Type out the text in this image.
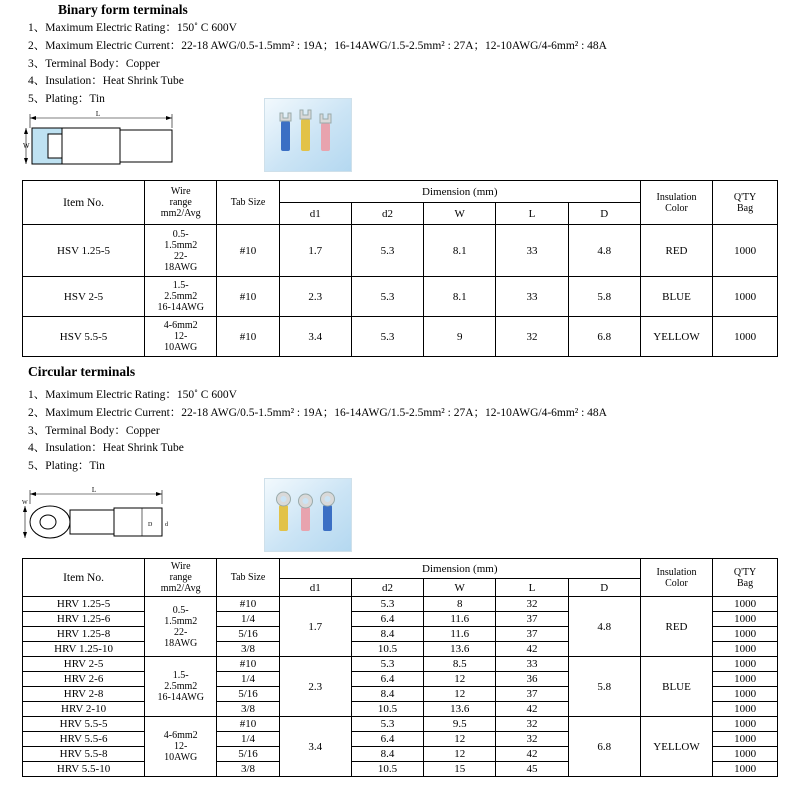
Binary form terminals
1、Maximum Electric Rating：150˚ C 600V
2、Maximum Electric Current：22-18 AWG/0.5-1.5mm² : 19A；16-14AWG/1.5-2.5mm² : 27A；12-10AWG/4-6mm² : 48A
3、Terminal Body：Copper
4、Insulation：Heat Shrink Tube
5、Plating：Tin
L
W
Item No.	Wire
range
mm2/Avg	Tab Size	Dimension (mm)					Insulation
Color	Q'TY
Bag
			d1	d2	W	L	D		
HSV 1.25-5	0.5-
1.5mm2
22-
18AWG	#10	1.7	5.3	8.1	33	4.8	RED	1000
HSV 2-5	1.5-
2.5mm2
16-14AWG	#10	2.3	5.3	8.1	33	5.8	BLUE	1000
HSV 5.5-5	4-6mm2
12-
10AWG	#10	3.4	5.3	9	32	6.8	YELLOW	1000
Circular terminals
1、Maximum Electric Rating：150˚ C 600V
2、Maximum Electric Current：22-18 AWG/0.5-1.5mm² : 19A；16-14AWG/1.5-2.5mm² : 27A；12-10AWG/4-6mm² : 48A
3、Terminal Body：Copper
4、Insulation：Heat Shrink Tube
5、Plating：Tin
L
W
D d
Item No.	Wire
range
mm2/Avg	Tab Size	Dimension (mm)					Insulation
Color	Q'TY
Bag
			d1	d2	W	L	D		
HRV 1.25-5	0.5-
1.5mm2
22-
18AWG	#10	1.7	5.3	8	32	4.8	RED	1000
HRV 1.25-6		1/4		6.4	11.6	37			1000
HRV 1.25-8		5/16		8.4	11.6	37			1000
HRV 1.25-10		3/8		10.5	13.6	42			1000
HRV 2-5	1.5-
2.5mm2
16-14AWG	#10	2.3	5.3	8.5	33	5.8	BLUE	1000
HRV 2-6		1/4		6.4	12	36			1000
HRV 2-8		5/16		8.4	12	37			1000
HRV 2-10		3/8		10.5	13.6	42			1000
HRV 5.5-5	4-6mm2
12-
10AWG	#10	3.4	5.3	9.5	32	6.8	YELLOW	1000
HRV 5.5-6		1/4		6.4	12	32			1000
HRV 5.5-8		5/16		8.4	12	42			1000
HRV 5.5-10		3/8		10.5	15	45			1000
